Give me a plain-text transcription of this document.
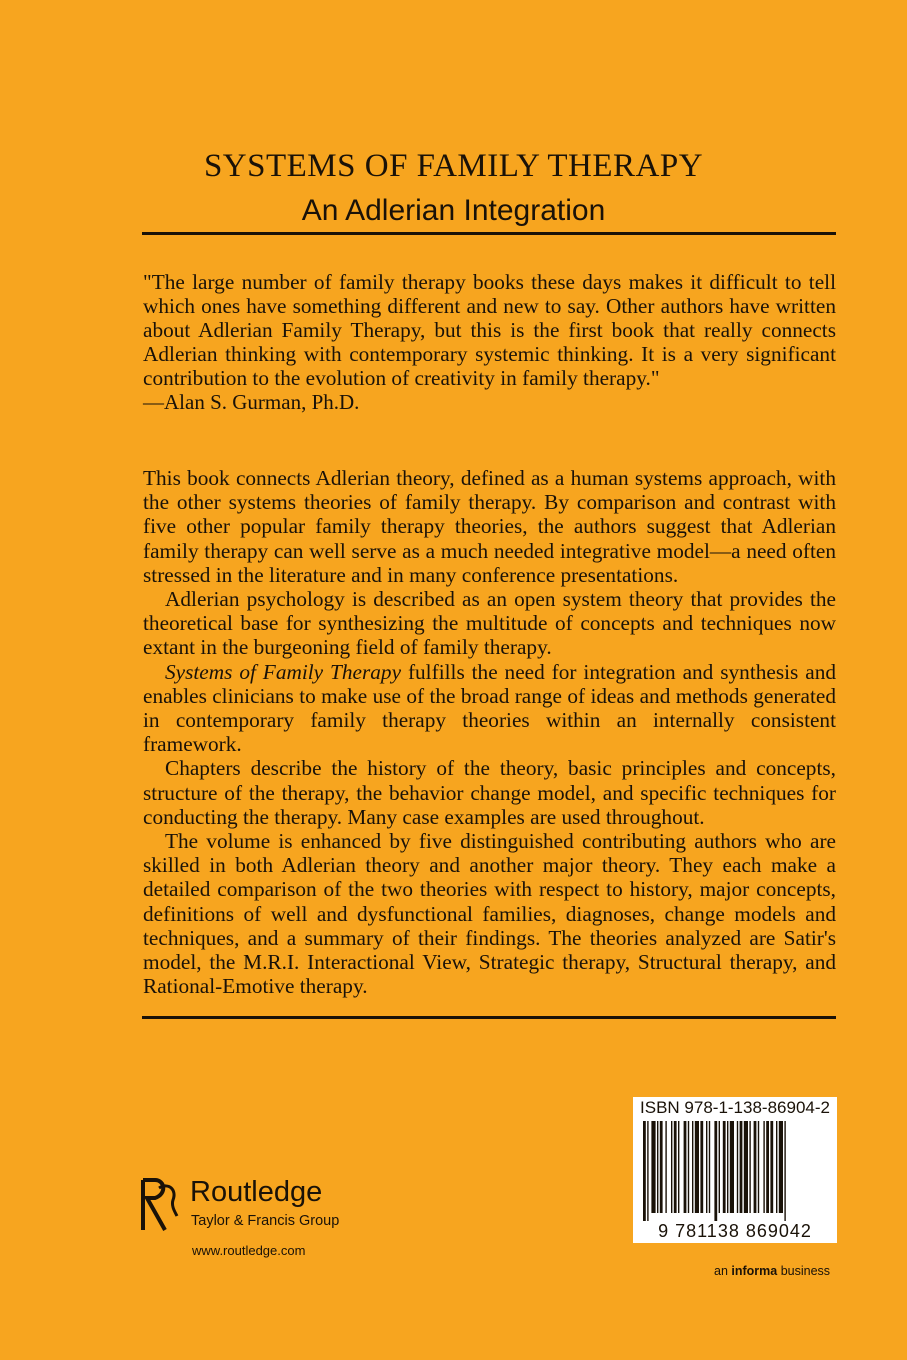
SYSTEMS OF FAMILY THERAPY
An Adlerian Integration

"The large number of family therapy books these days makes it difficult to tell which ones have something different and new to say. Other authors have written about Adlerian Family Therapy, but this is the first book that really connects Adlerian thinking with contemporary systemic thinking. It is a very significant contribution to the evolution of creativity in family therapy."

—Alan S. Gurman, Ph.D.

This book connects Adlerian theory, defined as a human systems approach, with the other systems theories of family therapy. By comparison and contrast with five other popular family therapy theories, the authors suggest that Adlerian family therapy can well serve as a much needed integrative model—a need often stressed in the literature and in many conference presentations.

Adlerian psychology is described as an open system theory that provides the theoretical base for synthesizing the multitude of concepts and techniques now extant in the burgeoning field of family therapy.

Systems of Family Therapy fulfills the need for integration and synthesis and enables clinicians to make use of the broad range of ideas and methods generated in contemporary family therapy theories within an internally consistent framework.

Chapters describe the history of the theory, basic principles and concepts, structure of the therapy, the behavior change model, and specific techniques for conducting the therapy. Many case examples are used throughout.

The volume is enhanced by five distinguished contributing authors who are skilled in both Adlerian theory and another major theory. They each make a detailed comparison of the two theories with respect to history, major concepts, definitions of well and dysfunctional families, diagnoses, change models and techniques, and a summary of their findings. The theories analyzed are Satir's model, the M.R.I. Interactional View, Strategic therapy, Structural therapy, and Rational-Emotive therapy.

ISBN 978-1-138-86904-2
9 781138 869042
Routledge
Taylor & Francis Group
www.routledge.com
an informa business
